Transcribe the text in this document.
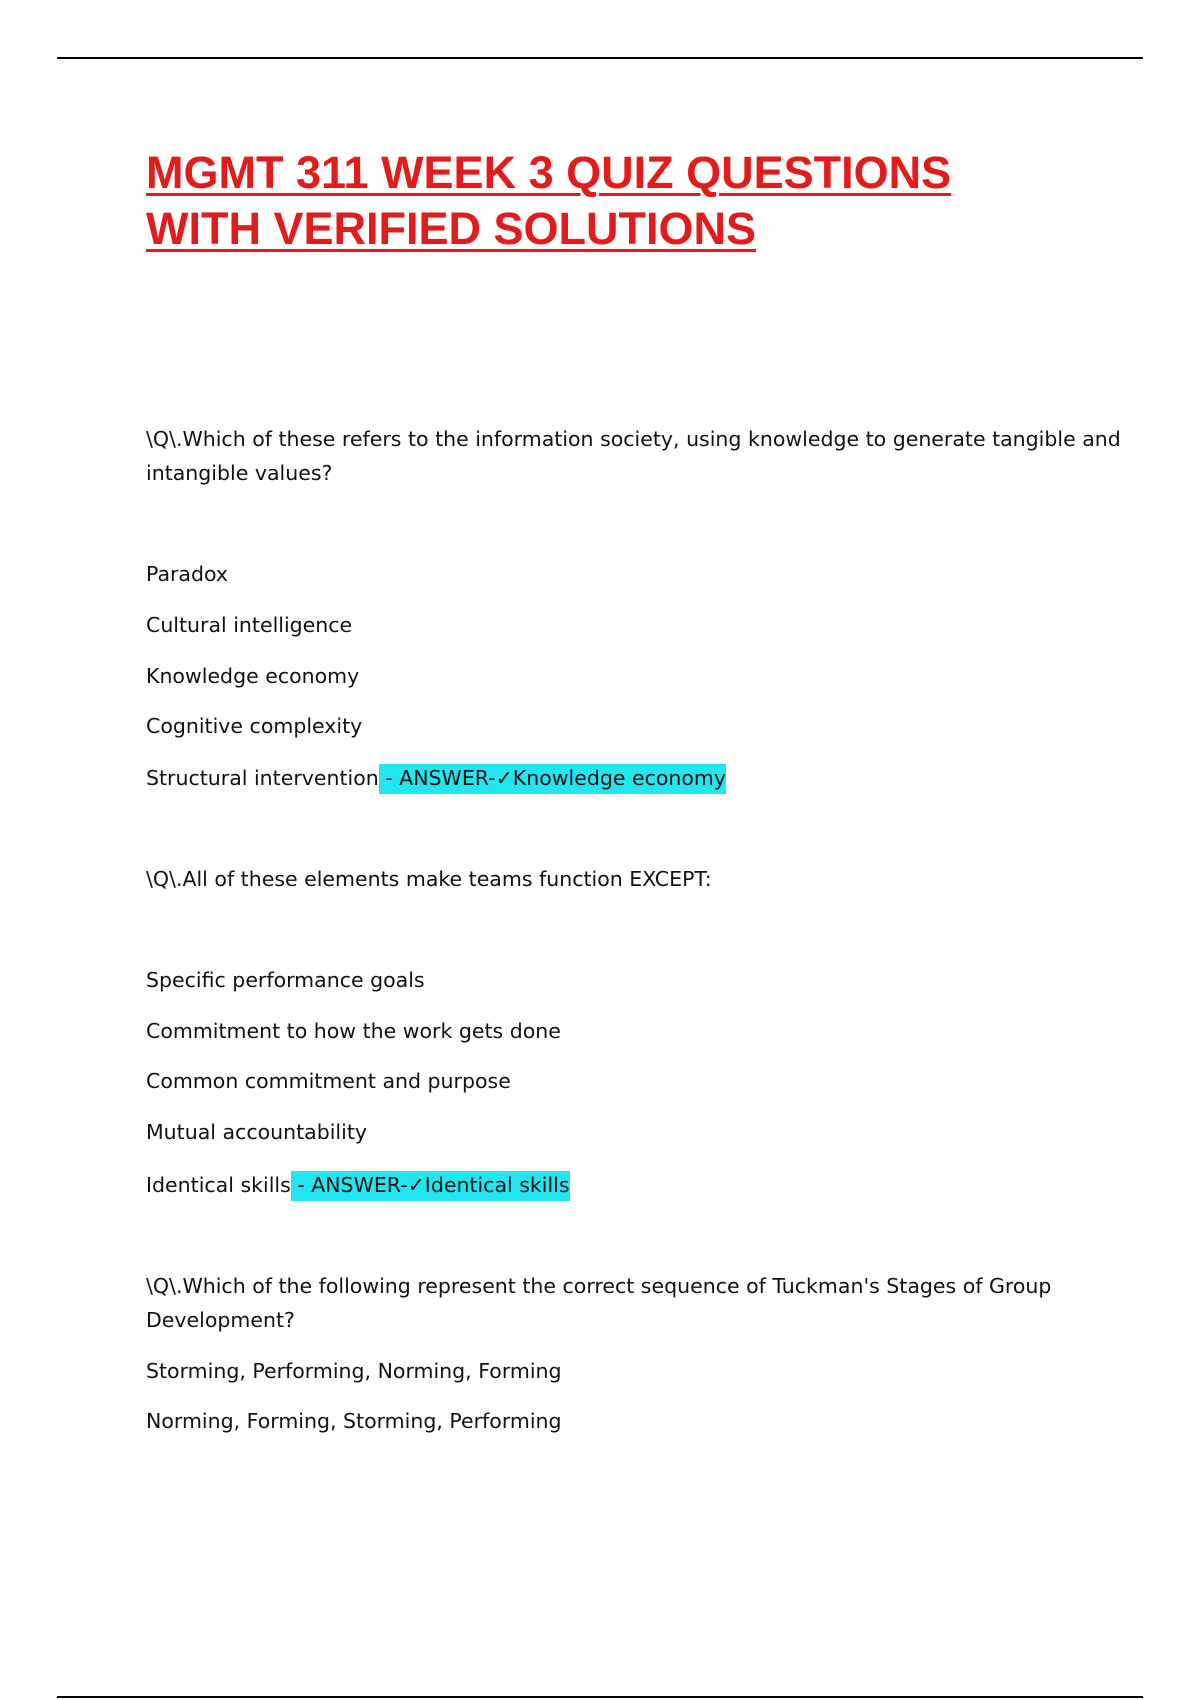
MGMT 311 WEEK 3 QUIZ QUESTIONS
WITH VERIFIED SOLUTIONS

\Q\.Which of these refers to the information society, using knowledge to generate tangible and

intangible values?

Paradox

Cultural intelligence

Knowledge economy

Cognitive complexity

Structural intervention - ANSWER-✓Knowledge economy

\Q\.All of these elements make teams function EXCEPT:

Specific performance goals

Commitment to how the work gets done

Common commitment and purpose

Mutual accountability

Identical skills - ANSWER-✓Identical skills

\Q\.Which of the following represent the correct sequence of Tuckman's Stages of Group

Development?

Storming, Performing, Norming, Forming

Norming, Forming, Storming, Performing
